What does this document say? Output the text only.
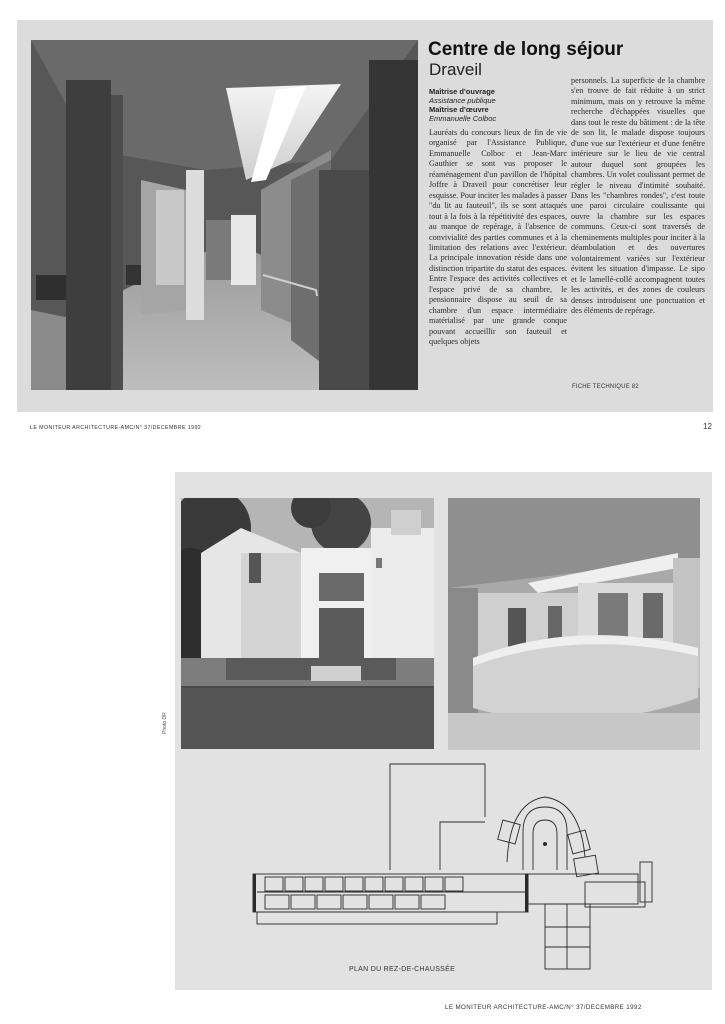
Centre de long séjour
Draveil
Maîtrise d'ouvrage
Assistance publique
Maîtrise d'œuvre
Emmanuelle Colboc
Lauréats du concours lieux de fin de vie organisé par l'Assistance Publique, Emmanuelle Colboc et Jean-Marc Gauthier se sont vus proposer le réaménagement d'un pavillon de l'hôpital Joffre à Draveil pour concrétiser leur esquisse. Pour inciter les malades à passer "du lit au fauteuil", ils se sont attaqués tout à la fois à la répétitivité des espaces, au manque de repérage, à l'absence de convivialité des parties communes et à la limitation des relations avec l'extérieur. La principale innovation réside dans une distinction tripartite du statut des espaces. Entre l'espace des activités collectives et l'espace privé de sa chambre, le pensionnaire dispose au seuil de sa chambre d'un espace intermédiaire matérialisé par une grande conque pouvant accueillir son fauteuil et quelques objets
personnels. La superficie de la chambre s'en trouve de fait réduite à un strict minimum, mais on y retrouve la même recherche d'échappées visuelles que dans tout le reste du bâtiment : de la tête de son lit, le malade dispose toujours d'une vue sur l'extérieur et d'une fenêtre intérieure sur le lieu de vie central autour duquel sont groupées les chambres. Un volet coulissant permet de régler le niveau d'intimité souhaité. Dans les "chambres rondes", c'est toute une paroi circulaire coulissante qui ouvre la chambre sur les espaces communs. Ceux-ci sont traversés de cheminements multiples pour inciter à la déambulation et des ouvertures volontairement variées sur l'extérieur évitent les situation d'impasse. Le sipo et le lamellé-collé accompagnent toutes les activités, et des zones de couleurs denses introduisent une ponctuation et des éléments de repérage.
FICHE TECHNIQUE 82
LE MONITEUR ARCHITECTURE-AMC/N° 37/DECEMBRE 1992	12
Photo DR
PLAN DU REZ-DE-CHAUSSÉE
LE MONITEUR ARCHITECTURE-AMC/N° 37/DECEMBRE 1992
